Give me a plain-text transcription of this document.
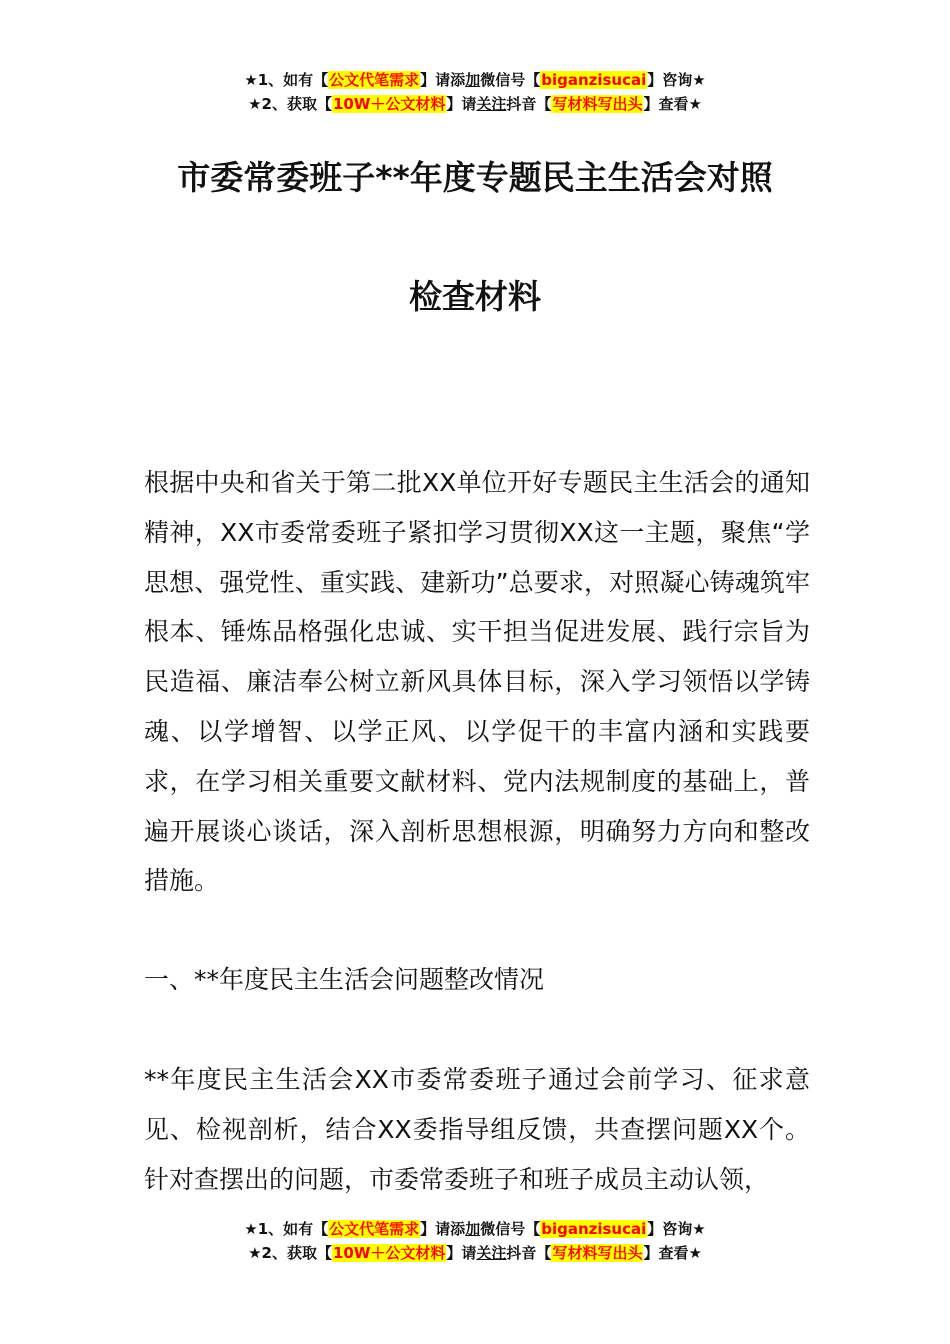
★1、如有【公文代笔需求】请添加微信号【biganzisucai】咨询★
★2、获取【10W＋公文材料】请关注抖音【写材料写出头】查看★
市委常委班子**年度专题民主生活会对照
检查材料

根据中央和省关于第二批XX单位开好专题民主生活会的通知精神，XX市委常委班子紧扣学习贯彻XX这一主题，聚焦“学思想、强党性、重实践、建新功”总要求，对照凝心铸魂筑牢根本、锤炼品格强化忠诚、实干担当促进发展、践行宗旨为民造福、廉洁奉公树立新风具体目标，深入学习领悟以学铸魂、以学增智、以学正风、以学促干的丰富内涵和实践要求，在学习相关重要文献材料、党内法规制度的基础上，普遍开展谈心谈话，深入剖析思想根源，明确努力方向和整改措施。

一、**年度民主生活会问题整改情况

**年度民主生活会XX市委常委班子通过会前学习、征求意见、检视剖析，结合XX委指导组反馈，共查摆问题XX个。针对查摆出的问题，市委常委班子和班子成员主动认领，

★1、如有【公文代笔需求】请添加微信号【biganzisucai】咨询★
★2、获取【10W＋公文材料】请关注抖音【写材料写出头】查看★
